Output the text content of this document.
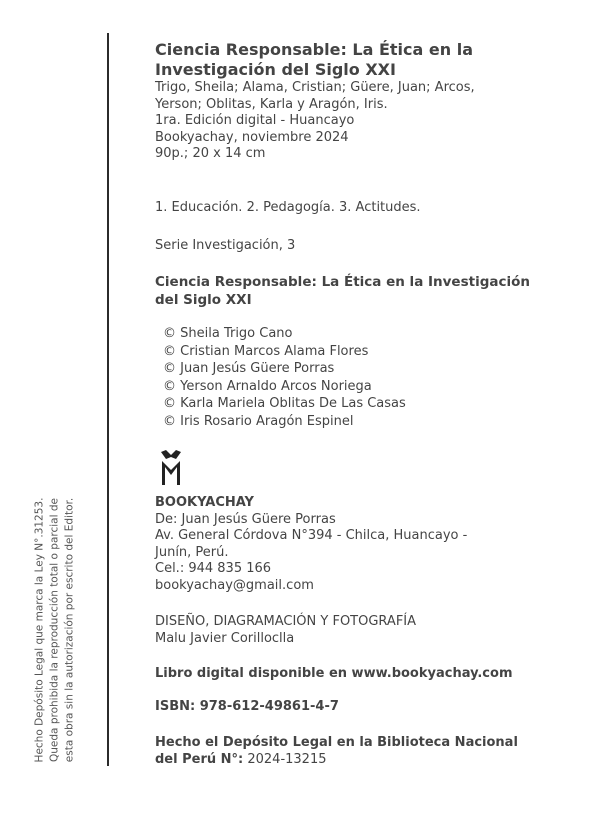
Hecho Depósito Legal que marca la Ley N°.31253. Queda prohibida la reproducción total o parcial de esta obra sin la autorización por escrito del Editor.
Ciencia Responsable: La Ética en la
Investigación del Siglo XXI
Trigo, Sheila; Alama, Cristian; Güere, Juan; Arcos,
Yerson; Oblitas, Karla y Aragón, Iris.
1ra. Edición digital - Huancayo
Bookyachay, noviembre 2024
90p.; 20 x 14 cm
1. Educación. 2. Pedagogía. 3. Actitudes.
Serie Investigación, 3
Ciencia Responsable: La Ética en la Investigación
del Siglo XXI
© Sheila Trigo Cano
© Cristian Marcos Alama Flores
© Juan Jesús Güere Porras
© Yerson Arnaldo Arcos Noriega
© Karla Mariela Oblitas De Las Casas
© Iris Rosario Aragón Espinel
BOOKYACHAY
De: Juan Jesús Güere Porras
Av. General Córdova N°394 - Chilca, Huancayo -
Junín, Perú.
Cel.: 944 835 166
bookyachay@gmail.com
DISEÑO, DIAGRAMACIÓN Y FOTOGRAFÍA
Malu Javier Corilloclla
Libro digital disponible en www.bookyachay.com
ISBN: 978-612-49861-4-7
Hecho el Depósito Legal en la Biblioteca Nacional
del Perú N°: 2024-13215
